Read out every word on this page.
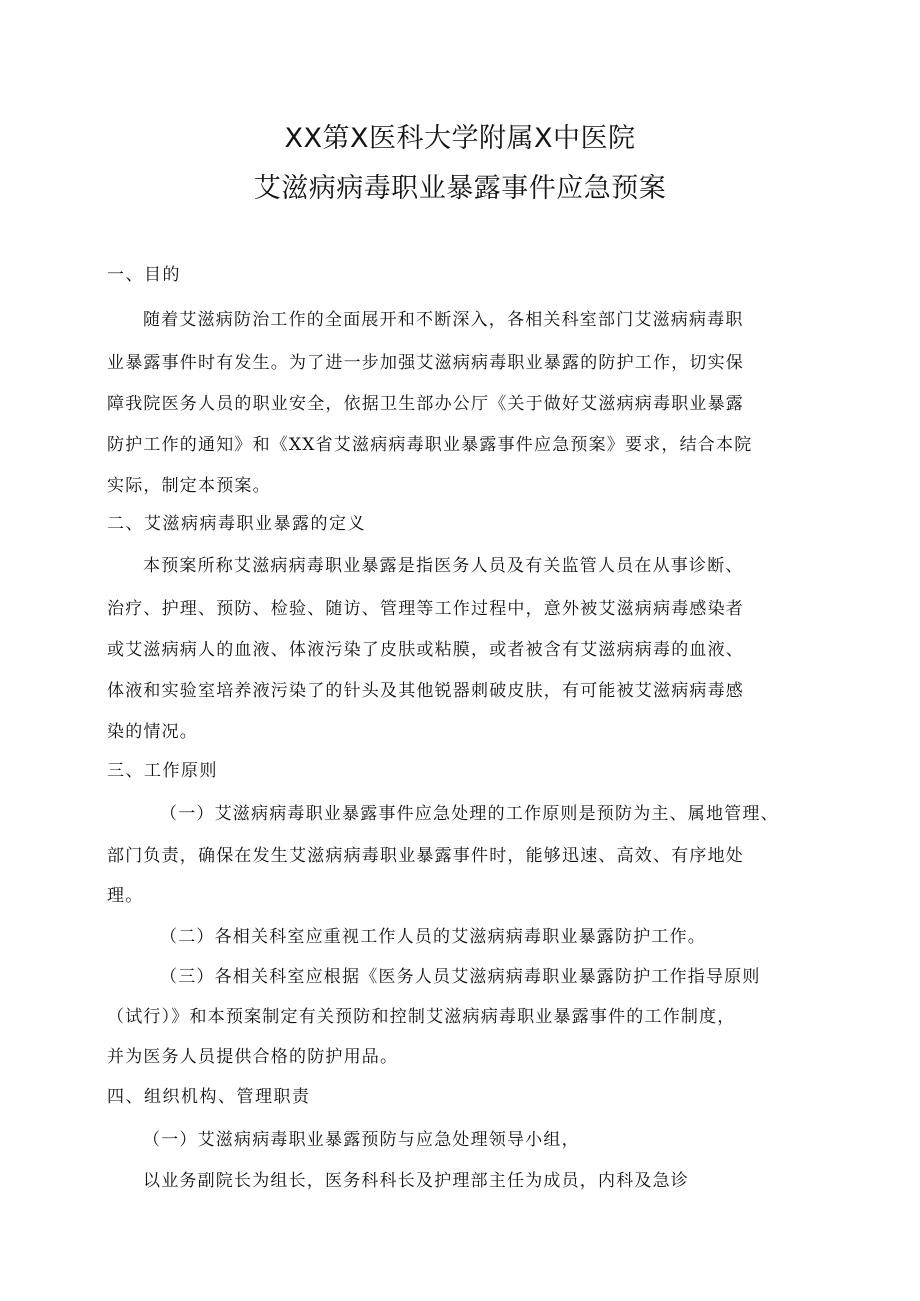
XX第X医科大学附属X中医院
艾滋病病毒职业暴露事件应急预案
一、目的
随着艾滋病防治工作的全面展开和不断深入，各相关科室部门艾滋病病毒职
业暴露事件时有发生。为了进一步加强艾滋病病毒职业暴露的防护工作，切实保
障我院医务人员的职业安全，依据卫生部办公厅《关于做好艾滋病病毒职业暴露
防护工作的通知》和《XX省艾滋病病毒职业暴露事件应急预案》要求，结合本院
实际，制定本预案。
二、艾滋病病毒职业暴露的定义
本预案所称艾滋病病毒职业暴露是指医务人员及有关监管人员在从事诊断、
治疗、护理、预防、检验、随访、管理等工作过程中，意外被艾滋病病毒感染者
或艾滋病病人的血液、体液污染了皮肤或粘膜，或者被含有艾滋病病毒的血液、
体液和实验室培养液污染了的针头及其他锐器刺破皮肤，有可能被艾滋病病毒感
染的情况。
三、工作原则
（一）艾滋病病毒职业暴露事件应急处理的工作原则是预防为主、属地管理、
部门负责，确保在发生艾滋病病毒职业暴露事件时，能够迅速、高效、有序地处
理。
（二）各相关科室应重视工作人员的艾滋病病毒职业暴露防护工作。
（三）各相关科室应根据《医务人员艾滋病病毒职业暴露防护工作指导原则
（试行）》和本预案制定有关预防和控制艾滋病病毒职业暴露事件的工作制度，
并为医务人员提供合格的防护用品。
四、组织机构、管理职责
（一）艾滋病病毒职业暴露预防与应急处理领导小组，
以业务副院长为组长，医务科科长及护理部主任为成员，内科及急诊
